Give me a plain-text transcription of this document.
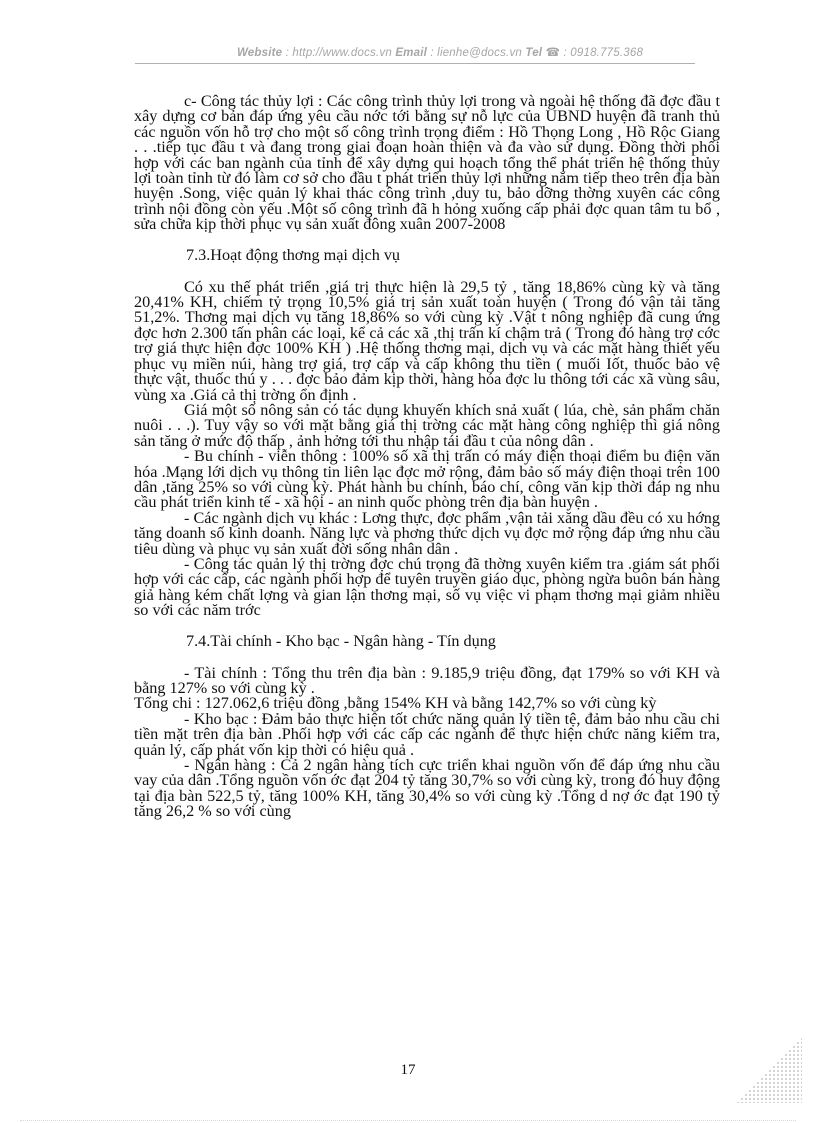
Website : http://www.docs.vn Email : lienhe@docs.vn Tel ☎ : 0918.775.368

c- Công tác thủy lợi : Các công trình thủy lợi trong và ngoài hệ thống đã đợc đầu t xây dựng cơ bản đáp ứng yêu cầu nớc tới bằng sự nỗ lực của UBND huyện đã tranh thủ các nguồn vốn hỗ trợ cho một số công trình trọng điểm : Hồ Thọng Long , Hồ Rộc Giang . . .tiếp tục đầu t và đang trong giai đoạn hoàn thiện và đa vào sử dụng. Đồng thời phối hợp với các ban ngành của tỉnh để xây dựng qui hoạch tổng thể phát triển hệ thống thủy lợi toàn tỉnh từ đó làm cơ sở cho đầu t phát triển thủy lợi những năm tiếp theo trên địa bàn huyện .Song, việc quản lý khai thác công trình ,duy tu, bảo dỡng thờng xuyên các công trình nội đồng còn yếu .Một số công trình đã h hỏng xuống cấp phải đợc quan tâm tu bổ , sửa chữa kịp thời phục vụ sản xuất đông xuân 2007-2008

7.3.Hoạt động thơng mại dịch vụ

Có xu thế phát triển ,giá trị thực hiện là 29,5 tỷ , tăng 18,86% cùng kỳ và tăng 20,41% KH, chiếm tỷ trọng 10,5% giá trị sản xuất toàn huyện ( Trong đó vận tải tăng 51,2%. Thơng mại dịch vụ tăng 18,86% so với cùng kỳ .Vật t nông nghiệp đã cung ứng đợc hơn 2.300 tấn phân các loại, kể cả các xã ,thị trấn kí chậm trả ( Trong đó hàng trợ cớc trợ giá thực hiện đợc 100% KH ) .Hệ thống thơng mại, dịch vụ và các mặt hàng thiết yếu phục vụ miền núi, hàng trợ giá, trợ cấp và cấp không thu tiền ( muối Iốt, thuốc bảo vệ thực vật, thuốc thú y . . . đợc bảo đảm kịp thời, hàng hóa đợc lu thông tới các xã vùng sâu, vùng xa .Giá cả thị trờng ổn định .

Giá một số nông sản có tác dụng khuyến khích snả xuất ( lúa, chè, sản phẩm chăn nuôi . . .). Tuy vậy so với mặt bằng giá thị trờng các mặt hàng công nghiệp thì giá nông sản tăng ở mức độ thấp , ảnh hởng tới thu nhập tái đầu t của nông dân .

- Bu chính - viễn thông : 100% số xã thị trấn có máy điện thoại điểm bu điện văn hóa .Mạng lới dịch vụ thông tin liên lạc đợc mở rộng, đảm bảo số máy điện thoại trên 100 dân ,tăng 25% so với cùng kỳ. Phát hành bu chính, báo chí, công văn kịp thời đáp ng nhu cầu phát triển kinh tế - xã hội - an ninh quốc phòng trên địa bàn huyện .

- Các ngành dịch vụ khác : Lơng thực, đợc phẩm ,vận tải xăng dầu đều có xu hớng tăng doanh số kinh doanh. Năng lực và phơng thức dịch vụ đợc mở rộng đáp ứng nhu cầu tiêu dùng và phục vụ sản xuất đời sống nhân dân .

- Công tác quản lý thị trờng đợc chú trọng đã thờng xuyên kiểm tra .giám sát phối hợp với các cấp, các ngành phối hợp để tuyên truyền giáo dục, phòng ngừa buôn bán hàng giả hàng kém chất lợng và gian lận thơng mại, số vụ việc vi phạm thơng mại giảm nhiều so với các năm trớc

7.4.Tài chính - Kho bạc - Ngân hàng - Tín dụng

- Tài chính : Tổng thu trên địa bàn : 9.185,9 triệu đồng, đạt 179% so với KH và bằng 127% so với cùng kỳ .

Tổng chi : 127.062,6 triệu đồng ,bằng 154% KH và bằng 142,7% so với cùng kỳ

- Kho bạc : Đảm bảo thực hiện tốt chức năng quản lý tiền tệ, đảm bảo nhu cầu chi tiền mặt trên địa bàn .Phối hợp với các cấp các ngành để thực hiện chức năng kiểm tra, quản lý, cấp phát vốn kịp thời có hiệu quả .

- Ngân hàng : Cả 2 ngân hàng tích cực triển khai nguồn vốn để đáp ứng nhu cầu vay của dân .Tổng nguồn vốn ớc đạt 204 tỷ tăng 30,7% so với cùng kỳ, trong đó huy động tại địa bàn 522,5 tỷ, tăng 100% KH, tăng 30,4% so với cùng kỳ .Tổng d nợ ớc đạt 190 tỷ tăng 26,2 % so với cùng

17
